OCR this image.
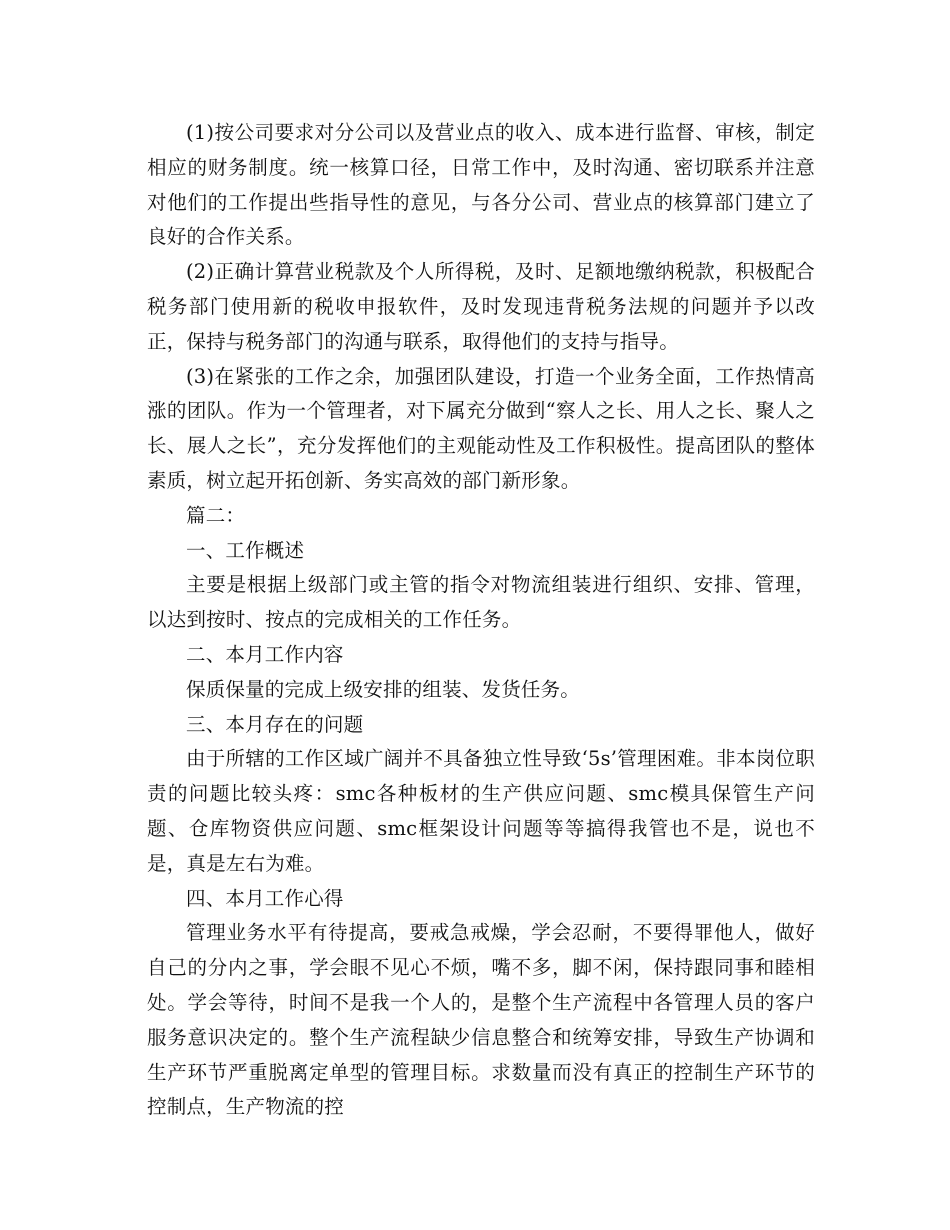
(1)按公司要求对分公司以及营业点的收入、成本进行监督、审核，制定相应的财务制度。统一核算口径，日常工作中，及时沟通、密切联系并注意对他们的工作提出些指导性的意见，与各分公司、营业点的核算部门建立了良好的合作关系。

(2)正确计算营业税款及个人所得税，及时、足额地缴纳税款，积极配合税务部门使用新的税收申报软件，及时发现违背税务法规的问题并予以改正，保持与税务部门的沟通与联系，取得他们的支持与指导。

(3)在紧张的工作之余，加强团队建设，打造一个业务全面，工作热情高涨的团队。作为一个管理者，对下属充分做到“察人之长、用人之长、聚人之长、展人之长”，充分发挥他们的主观能动性及工作积极性。提高团队的整体素质，树立起开拓创新、务实高效的部门新形象。

篇二：

一、工作概述

主要是根据上级部门或主管的指令对物流组装进行组织、安排、管理，以达到按时、按点的完成相关的工作任务。

二、本月工作内容

保质保量的完成上级安排的组装、发货任务。

三、本月存在的问题

由于所辖的工作区域广阔并不具备独立性导致‘5s’管理困难。非本岗位职责的问题比较头疼：smc各种板材的生产供应问题、smc模具保管生产问题、仓库物资供应问题、smc框架设计问题等等搞得我管也不是，说也不是，真是左右为难。

四、本月工作心得

管理业务水平有待提高，要戒急戒燥，学会忍耐，不要得罪他人，做好自己的分内之事，学会眼不见心不烦，嘴不多，脚不闲，保持跟同事和睦相处。学会等待，时间不是我一个人的，是整个生产流程中各管理人员的客户服务意识决定的。整个生产流程缺少信息整合和统筹安排，导致生产协调和生产环节严重脱离定单型的管理目标。求数量而没有真正的控制生产环节的控制点，生产物流的控
